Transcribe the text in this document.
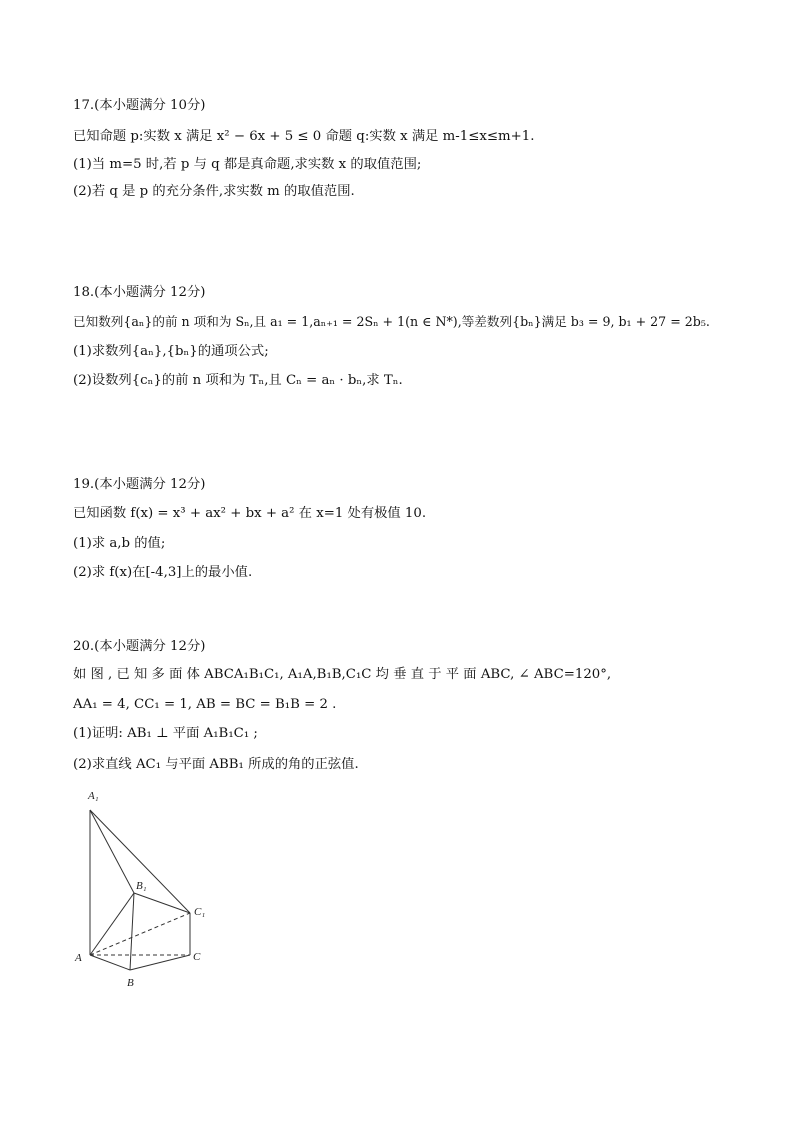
17.(本小题满分 10分)
已知命题 p:实数 x 满足 x² − 6x + 5 ≤ 0 命题 q:实数 x 满足 m-1≤x≤m+1.
(1)当 m=5 时,若 p 与 q 都是真命题,求实数 x 的取值范围;
(2)若 q 是 p 的充分条件,求实数 m 的取值范围.
18.(本小题满分 12分)
已知数列{aₙ}的前 n 项和为 Sₙ,且 a₁ = 1,aₙ₊₁ = 2Sₙ + 1(n ∈ N*),等差数列{bₙ}满足 b₃ = 9, b₁ + 27 = 2b₅.
(1)求数列{aₙ},{bₙ}的通项公式;
(2)设数列{cₙ}的前 n 项和为 Tₙ,且 Cₙ = aₙ · bₙ,求 Tₙ.
19.(本小题满分 12分)
已知函数 f(x) = x³ + ax² + bx + a² 在 x=1 处有极值 10.
(1)求 a,b 的值;
(2)求 f(x)在[-4,3]上的最小值.
20.(本小题满分 12分)
如 图 , 已 知 多 面 体 ABCA₁B₁C₁, A₁A,B₁B,C₁C 均 垂 直 于 平 面 ABC, ∠ ABC=120°,
AA₁ = 4, CC₁ = 1, AB = BC = B₁B = 2 .
(1)证明: AB₁ ⊥ 平面 A₁B₁C₁ ;
(2)求直线 AC₁ 与平面 ABB₁ 所成的角的正弦值.
A₁
B₁
C₁
A
B
C
